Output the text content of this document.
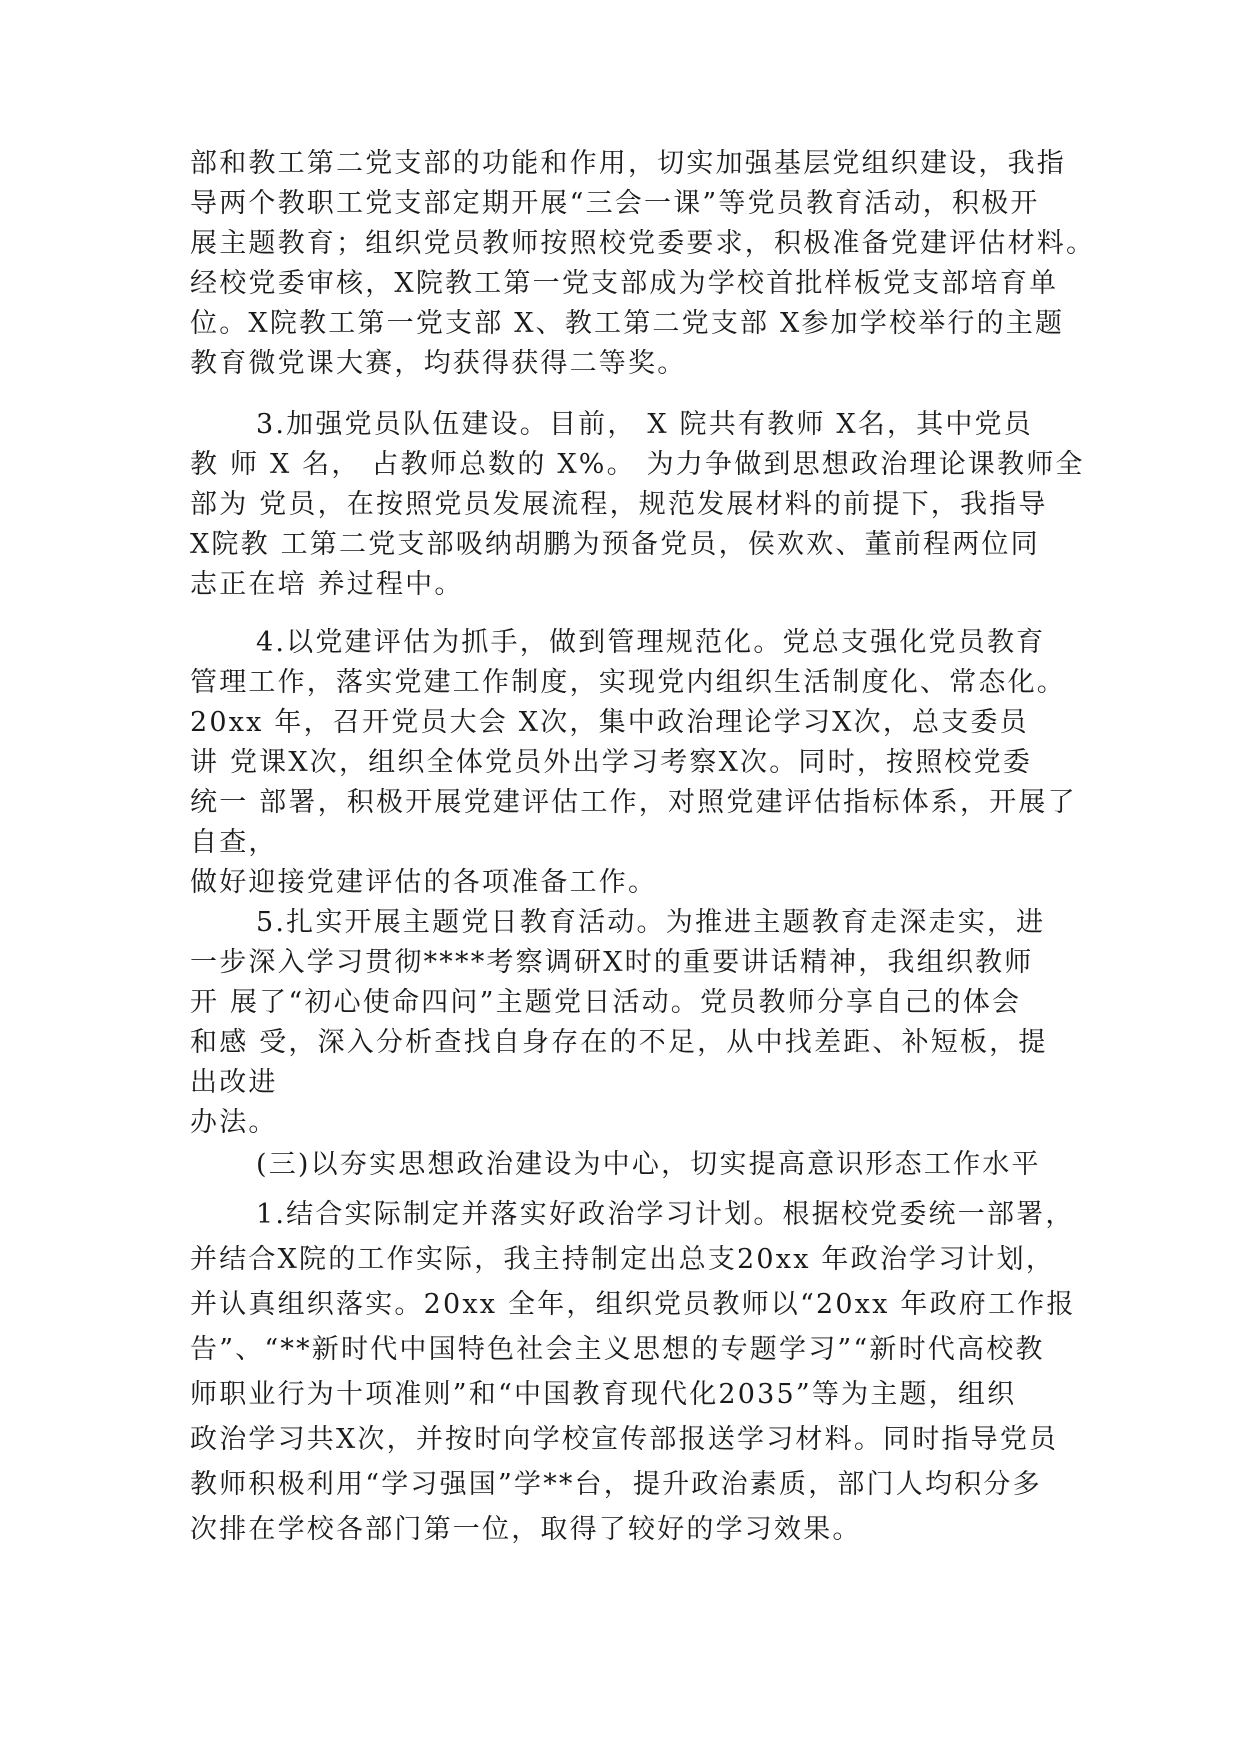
部和教工第二党支部的功能和作用，切实加强基层党组织建设，我指
导两个教职工党支部定期开展“三会一课”等党员教育活动，积极开
展主题教育；组织党员教师按照校党委要求，积极准备党建评估材料。
经校党委审核，X院教工第一党支部成为学校首批样板党支部培育单
位。X院教工第一党支部 X、教工第二党支部 X参加学校举行的主题
教育微党课大赛，均获得获得二等奖。
3.加强党员队伍建设。目前， X 院共有教师 X名，其中党员
教 师 X 名， 占教师总数的 X%。 为力争做到思想政治理论课教师全
部为 党员，在按照党员发展流程，规范发展材料的前提下，我指导
X院教 工第二党支部吸纳胡鹏为预备党员，侯欢欢、董前程两位同
志正在培 养过程中。
4.以党建评估为抓手，做到管理规范化。党总支强化党员教育
管理工作，落实党建工作制度，实现党内组织生活制度化、常态化。
20xx 年，召开党员大会 X次，集中政治理论学习X次，总支委员
讲 党课X次，组织全体党员外出学习考察X次。同时，按照校党委
统一 部署，积极开展党建评估工作，对照党建评估指标体系，开展了
自查，
做好迎接党建评估的各项准备工作。
5.扎实开展主题党日教育活动。为推进主题教育走深走实，进
一步深入学习贯彻****考察调研X时的重要讲话精神，我组织教师
开 展了“初心使命四问”主题党日活动。党员教师分享自己的体会
和感 受，深入分析查找自身存在的不足，从中找差距、补短板，提
出改进
办法。
(三)以夯实思想政治建设为中心，切实提高意识形态工作水平
1.结合实际制定并落实好政治学习计划。根据校党委统一部署，
并结合X院的工作实际，我主持制定出总支20xx 年政治学习计划，
并认真组织落实。20xx 全年，组织党员教师以“20xx 年政府工作报
告”、“**新时代中国特色社会主义思想的专题学习”“新时代高校教
师职业行为十项准则”和“中国教育现代化2035”等为主题，组织
政治学习共X次，并按时向学校宣传部报送学习材料。同时指导党员
教师积极利用“学习强国”学**台，提升政治素质，部门人均积分多
次排在学校各部门第一位，取得了较好的学习效果。
